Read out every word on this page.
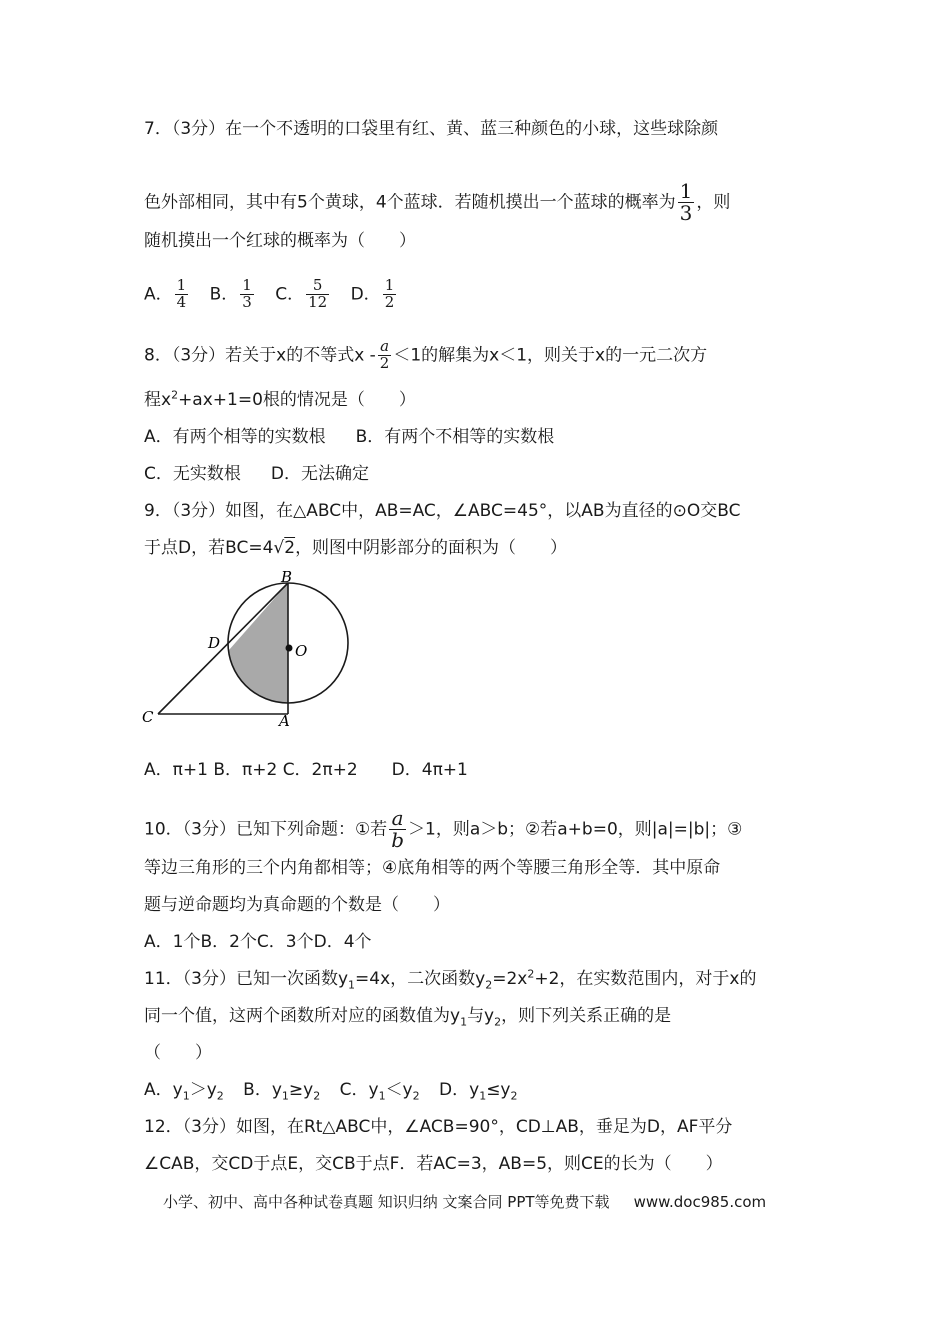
7．（3分）在一个不透明的口袋里有红、黄、蓝三种颜色的小球，这些球除颜
色外部相同，其中有5个黄球，4个蓝球．若随机摸出一个蓝球的概率为 $\frac{1}{3}$ ，则
随机摸出一个红球的概率为（　　）
A． $\frac{1}{4}$ B． $\frac{1}{3}$ C． $\frac{5}{12}$ D． $\frac{1}{2}$
8．（3分）若关于x的不等式$x - \frac{a}{2} <1$的解集为x＜1，则关于x的一元二次方
程$x^2+ax+1=0$根的情况是（　　）
A．有两个相等的实数根 B．有两个不相等的实数根
C．无实数根 D．无法确定
9．（3分）如图，在△ABC中，AB=AC，∠ABC=45°，以AB为直径的⊙O交BC
于点D，若BC=4√2，则图中阴影部分的面积为（　　）
B
D	O
C	A
A．π+1 B．π+2 C．2π+2　　D．4π+1
10．（3分）已知下列命题：①若 $\frac{a}{b} >1$，则a＞b；②若a+b=0，则|a|=|b|；③
等边三角形的三个内角都相等；④底角相等的两个等腰三角形全等．其中原命
题与逆命题均为真命题的个数是（　　）
A．1个B．2个C．3个D．4个
11．（3分）已知一次函数$y_1=4x$，二次函数$y_2=2x^2+2$，在实数范围内，对于x的
同一个值，这两个函数所对应的函数值为$y_1$与$y_2$，则下列关系正确的是
（　　）
A．$y_1>y_2$ B．$y_1\ge y_2$ C．$y_1<y_2$ D．$y_1\le y_2$
12．（3分）如图，在Rt△ABC中，∠ACB=90°，CD⊥AB，垂足为D，AF平分
∠CAB，交CD于点E，交CB于点F．若AC=3，AB=5，则CE的长为（　　）
小学、初中、高中各种试卷真题 知识归纳 文案合同 PPT等免费下载 www.doc985.com
